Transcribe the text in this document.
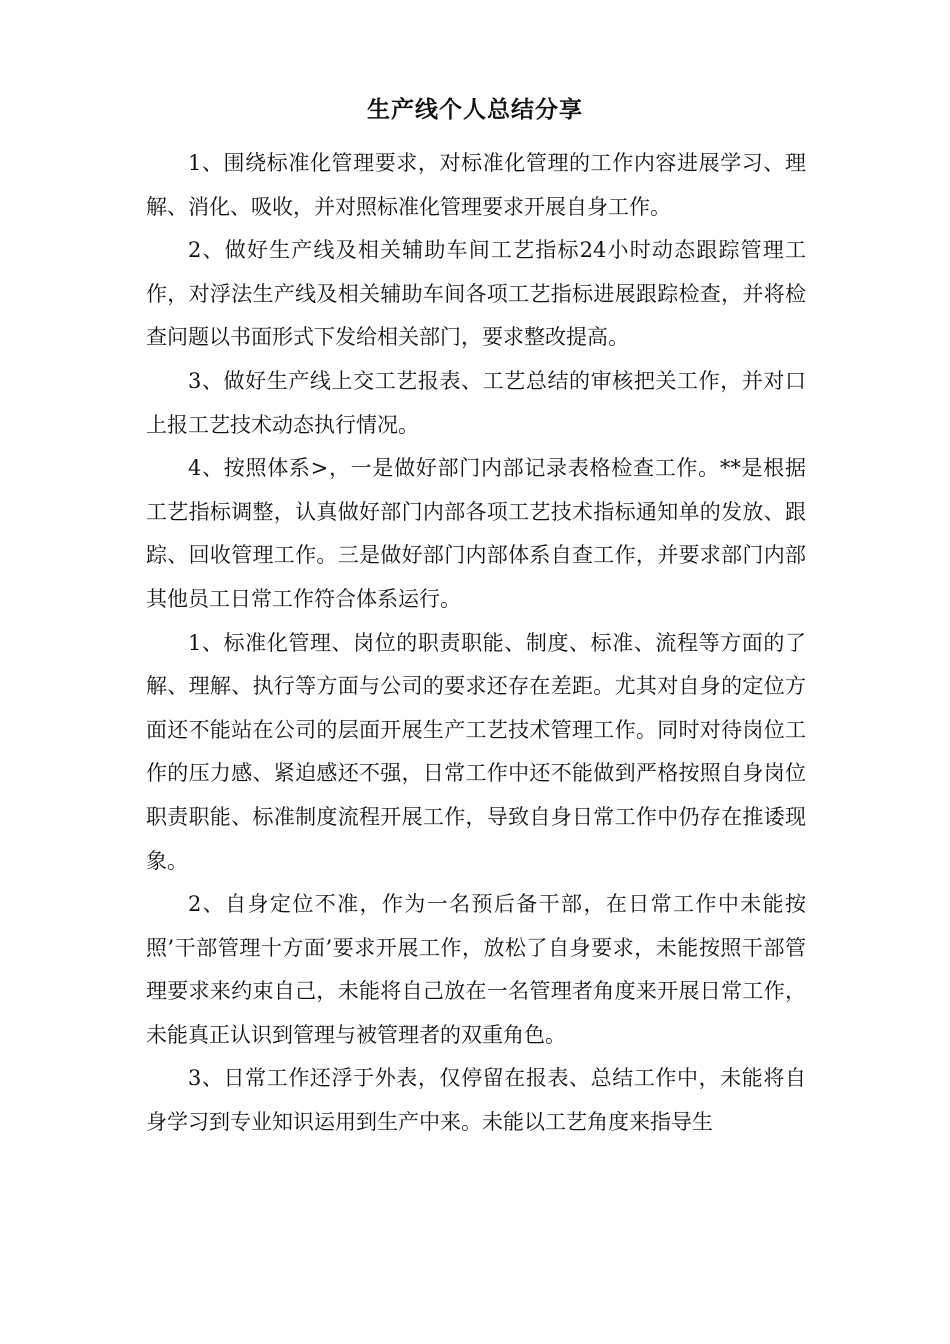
生产线个人总结分享

1、围绕标准化管理要求，对标准化管理的工作内容进展学习、理解、消化、吸收，并对照标准化管理要求开展自身工作。

2、做好生产线及相关辅助车间工艺指标24小时动态跟踪管理工作，对浮法生产线及相关辅助车间各项工艺指标进展跟踪检查，并将检查问题以书面形式下发给相关部门，要求整改提高。

3、做好生产线上交工艺报表、工艺总结的审核把关工作，并对口上报工艺技术动态执行情况。

4、按照体系>，一是做好部门内部记录表格检查工作。**是根据工艺指标调整，认真做好部门内部各项工艺技术指标通知单的发放、跟踪、回收管理工作。三是做好部门内部体系自查工作，并要求部门内部其他员工日常工作符合体系运行。

1、标准化管理、岗位的职责职能、制度、标准、流程等方面的了解、理解、执行等方面与公司的要求还存在差距。尤其对自身的定位方面还不能站在公司的层面开展生产工艺技术管理工作。同时对待岗位工作的压力感、紧迫感还不强，日常工作中还不能做到严格按照自身岗位职责职能、标准制度流程开展工作，导致自身日常工作中仍存在推诿现象。

2、自身定位不准，作为一名预后备干部，在日常工作中未能按照’干部管理十方面’要求开展工作，放松了自身要求，未能按照干部管理要求来约束自己，未能将自己放在一名管理者角度来开展日常工作，未能真正认识到管理与被管理者的双重角色。

3、日常工作还浮于外表，仅停留在报表、总结工作中，未能将自身学习到专业知识运用到生产中来。未能以工艺角度来指导生
